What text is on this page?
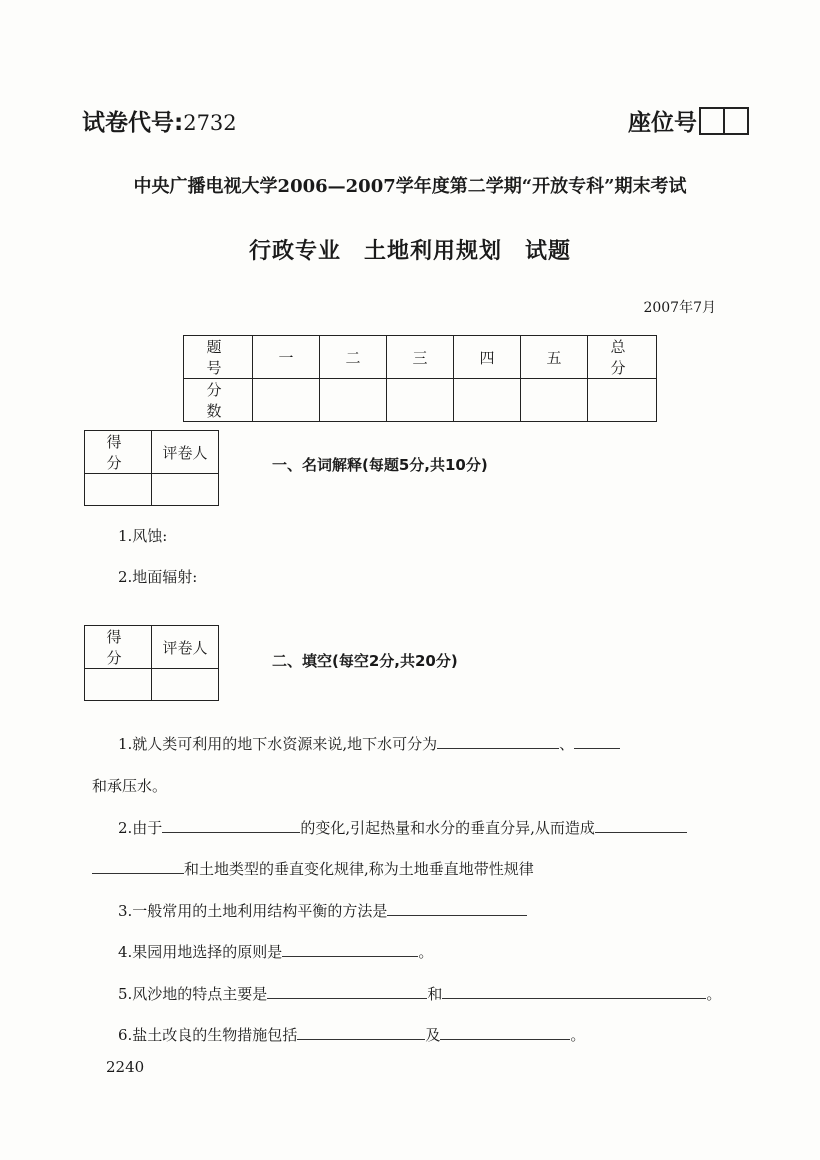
试卷代号:2732	座位号
中央广播电视大学2006—2007学年度第二学期“开放专科”期末考试
行政专业　土地利用规划　试题
2007年7月
题　号	一	二	三	四	五	总　分
分　数						
得　分	评卷人

一、名词解释(每题5分,共10分)
1.风蚀:
2.地面辐射:
得　分	评卷人

二、填空(每空2分,共20分)
1.就人类可利用的地下水资源来说,地下水可分为	、
和承压水。
2.由于	的变化,引起热量和水分的垂直分异,从而造成
和土地类型的垂直变化规律,称为土地垂直地带性规律
3.一般常用的土地利用结构平衡的方法是
4.果园用地选择的原则是	。
5.风沙地的特点主要是	和	。
6.盐土改良的生物措施包括	及	。
2240
